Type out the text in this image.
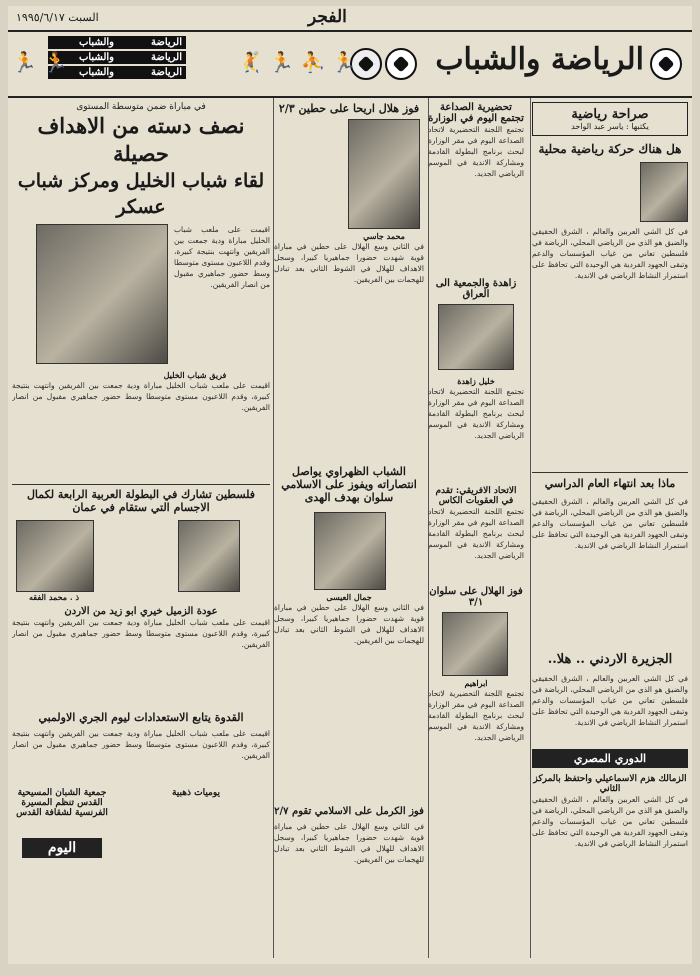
السبت ١٩٩٥/٦/١٧	الفجر
الرياضة والشباب
🏃 ⛹ 🏃 🤾
الرياضة
الرياضة
الرياضة
والشباب
والشباب
والشباب
🏃 🏃
صراحة رياضية
يكتبها : ياسر عبد الواحد
هل هناك حركة رياضية محلية
في كل الشي العربين والعالم ، الشرق الحقيقي والضيق هو الذي من الرياضي المحلي، الرياضة في فلسطين تعاني من غياب المؤسسات والدعم وتبقى الجهود الفردية هي الوحيدة التي تحافظ على استمرار النشاط الرياضي في الاندية.
ماذا بعد انتهاء العام الدراسي
في كل الشي العربين والعالم ، الشرق الحقيقي والضيق هو الذي من الرياضي المحلي، الرياضة في فلسطين تعاني من غياب المؤسسات والدعم وتبقى الجهود الفردية هي الوحيدة التي تحافظ على استمرار النشاط الرياضي في الاندية.
الجزيرة الاردني .. هلا..
في كل الشي العربين والعالم ، الشرق الحقيقي والضيق هو الذي من الرياضي المحلي، الرياضة في فلسطين تعاني من غياب المؤسسات والدعم وتبقى الجهود الفردية هي الوحيدة التي تحافظ على استمرار النشاط الرياضي في الاندية.
الدوري المصري
الزمالك هزم الاسماعيلي واحتفظ بالمركز الثاني
في كل الشي العربين والعالم ، الشرق الحقيقي والضيق هو الذي من الرياضي المحلي، الرياضة في فلسطين تعاني من غياب المؤسسات والدعم وتبقى الجهود الفردية هي الوحيدة التي تحافظ على استمرار النشاط الرياضي في الاندية.
تحضيرية الصداعة تجتمع اليوم في الوزارة
تجتمع اللجنة التحضيرية لاتحاد الصداعة اليوم في مقر الوزارة لبحث برنامج البطولة القادمة ومشاركة الاندية في الموسم الرياضي الجديد.
زاهدة والجمعية الى العراق
خليل زاهدة
تجتمع اللجنة التحضيرية لاتحاد الصداعة اليوم في مقر الوزارة لبحث برنامج البطولة القادمة ومشاركة الاندية في الموسم الرياضي الجديد.
الاتحاد الافريقي: تقدم في العقوبات الكاس
تجتمع اللجنة التحضيرية لاتحاد الصداعة اليوم في مقر الوزارة لبحث برنامج البطولة القادمة ومشاركة الاندية في الموسم الرياضي الجديد.
فوز الهلال على سلوان ٣/١
ابراهيم
تجتمع اللجنة التحضيرية لاتحاد الصداعة اليوم في مقر الوزارة لبحث برنامج البطولة القادمة ومشاركة الاندية في الموسم الرياضي الجديد.
فوز هلال اريحا على حطين ٢/٣
محمد جاسي
في الثاني وسع الهلال على حطين في مباراة قوية شهدت حضورا جماهيريا كبيرا، وسجل الاهداف للهلال في الشوط الثاني بعد تبادل للهجمات بين الفريقين.
الشباب الظهراوي يواصل انتصاراته ويفوز على الاسلامي سلوان بهدف الهدى
جمال العيسى
في الثاني وسع الهلال على حطين في مباراة قوية شهدت حضورا جماهيريا كبيرا، وسجل الاهداف للهلال في الشوط الثاني بعد تبادل للهجمات بين الفريقين.
فوز الكرمل على الاسلامي تقوم ٢/٧
في الثاني وسع الهلال على حطين في مباراة قوية شهدت حضورا جماهيريا كبيرا، وسجل الاهداف للهلال في الشوط الثاني بعد تبادل للهجمات بين الفريقين.
في مباراة ضمن متوسطة المستوى
نصف دسته من الاهداف حصيلة
لقاء شباب الخليل ومركز شباب عسكر
اقيمت على ملعب شباب الخليل مباراة ودية جمعت بين الفريقين وانتهت بنتيجة كبيرة، وقدم اللاعبون مستوى متوسطا وسط حضور جماهيري مقبول من انصار الفريقين.
فريق شباب الخليل
اقيمت على ملعب شباب الخليل مباراة ودية جمعت بين الفريقين وانتهت بنتيجة كبيرة، وقدم اللاعبون مستوى متوسطا وسط حضور جماهيري مقبول من انصار الفريقين.
فلسطين تشارك في البطولة العربية الرابعة لكمال الاجسام التي ستقام في عمان
ذ . محمد الفقه
عودة الزميل خيري ابو زيد من الاردن
اقيمت على ملعب شباب الخليل مباراة ودية جمعت بين الفريقين وانتهت بنتيجة كبيرة، وقدم اللاعبون مستوى متوسطا وسط حضور جماهيري مقبول من انصار الفريقين.
القدوة يتابع الاستعدادات ليوم الجري الاولمبي
اقيمت على ملعب شباب الخليل مباراة ودية جمعت بين الفريقين وانتهت بنتيجة كبيرة، وقدم اللاعبون مستوى متوسطا وسط حضور جماهيري مقبول من انصار الفريقين.
جمعية الشبان المسيحية القدس تنظم المسيرة الفرنسية لشقافة القدس
اليوم
يوميات ذهبية
